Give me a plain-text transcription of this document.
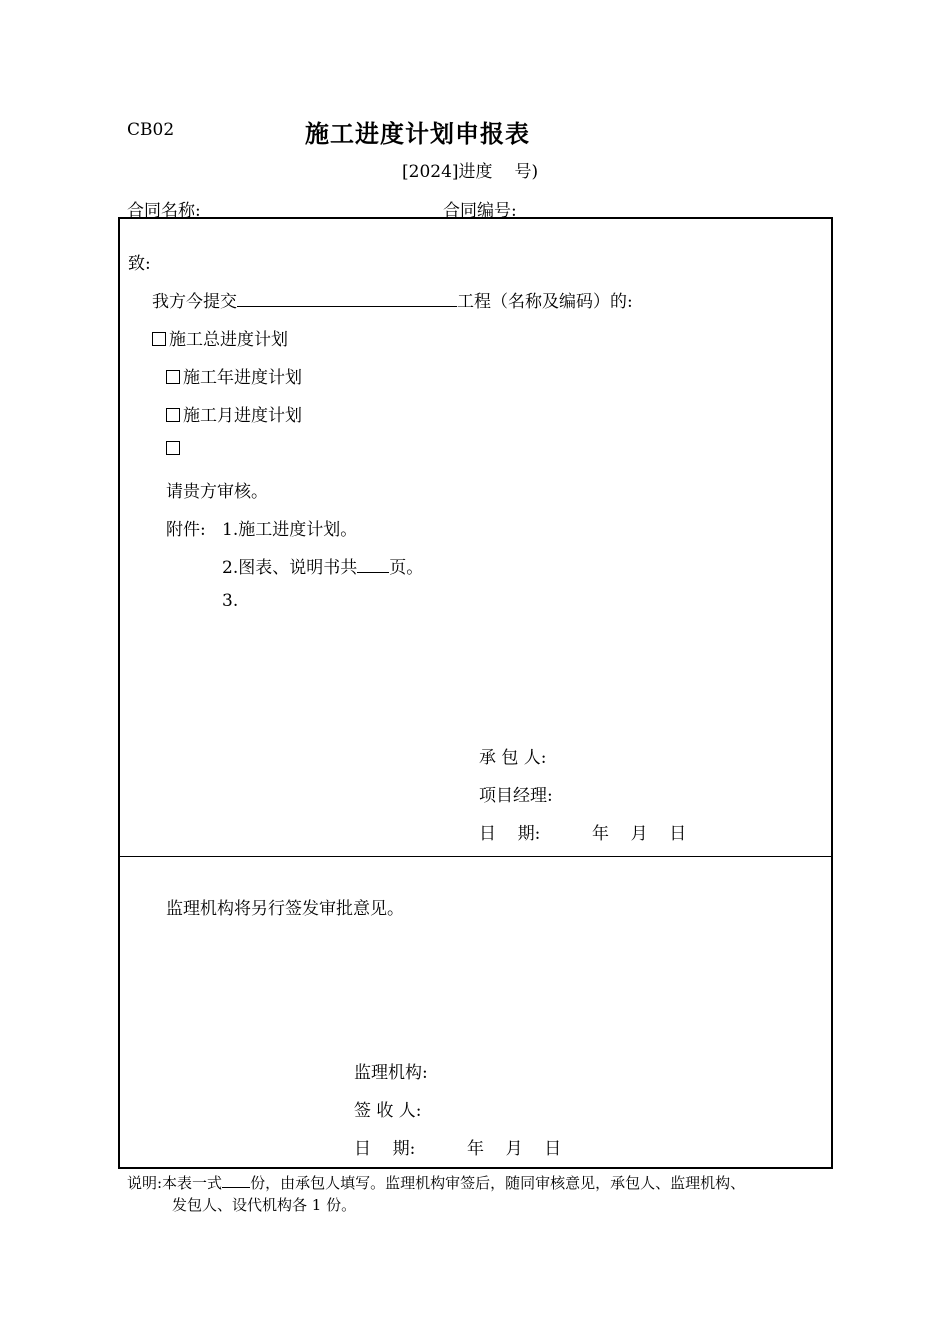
CB02	施工进度计划申报表
[2024]进度 号)
合同名称:	合同编号:
致:
我方今提交	工程（名称及编码）的:
施工总进度计划
施工年进度计划
施工月进度计划
请贵方审核。
附件: 1.施工进度计划。
2.图表、说明书共 页。
3.
承 包 人:
项目经理:
日    期:	年    月    日
监理机构将另行签发审批意见。
监理机构:
签 收 人:
日    期:	年    月    日
说明:本表一式 份，由承包人填写。监理机构审签后，随同审核意见，承包人、监理机构、
发包人、设代机构各 1 份。
